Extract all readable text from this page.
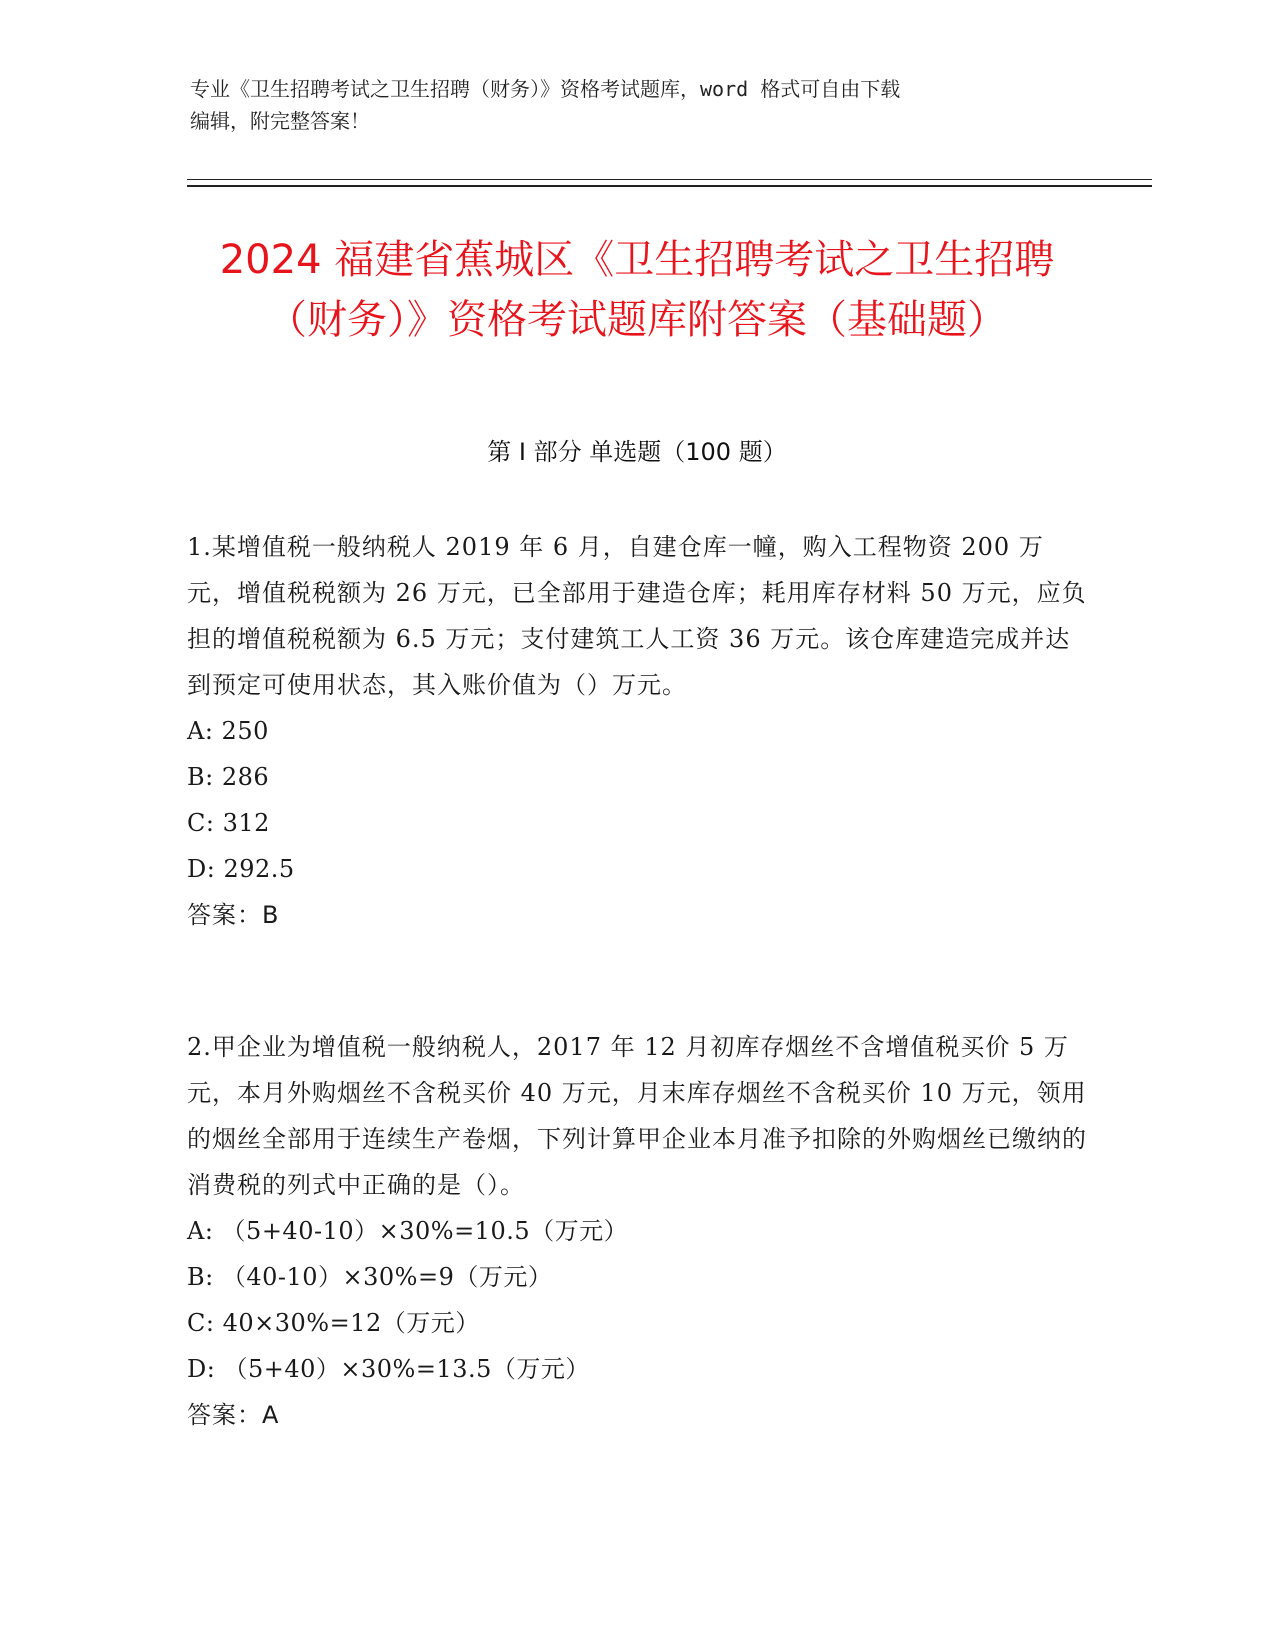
专业《卫生招聘考试之卫生招聘（财务）》资格考试题库，word 格式可自由下载
编辑，附完整答案！

2024 福建省蕉城区《卫生招聘考试之卫生招聘（财务）》资格考试题库附答案（基础题）
第 I 部分 单选题（100 题）

1.某增值税一般纳税人 2019 年 6 月，自建仓库一幢，购入工程物资 200 万元，增值税税额为 26 万元，已全部用于建造仓库；耗用库存材料 50 万元，应负担的增值税税额为 6.5 万元；支付建筑工人工资 36 万元。该仓库建造完成并达到预定可使用状态，其入账价值为（）万元。

A: 250
B: 286
C: 312
D: 292.5

答案：B

2.甲企业为增值税一般纳税人，2017 年 12 月初库存烟丝不含增值税买价 5 万元，本月外购烟丝不含税买价 40 万元，月末库存烟丝不含税买价 10 万元，领用的烟丝全部用于连续生产卷烟，下列计算甲企业本月准予扣除的外购烟丝已缴纳的消费税的列式中正确的是（）。

A: （5+40-10）×30%=10.5（万元）
B: （40-10）×30%=9（万元）
C: 40×30%=12（万元）
D: （5+40）×30%=13.5（万元）

答案：A
